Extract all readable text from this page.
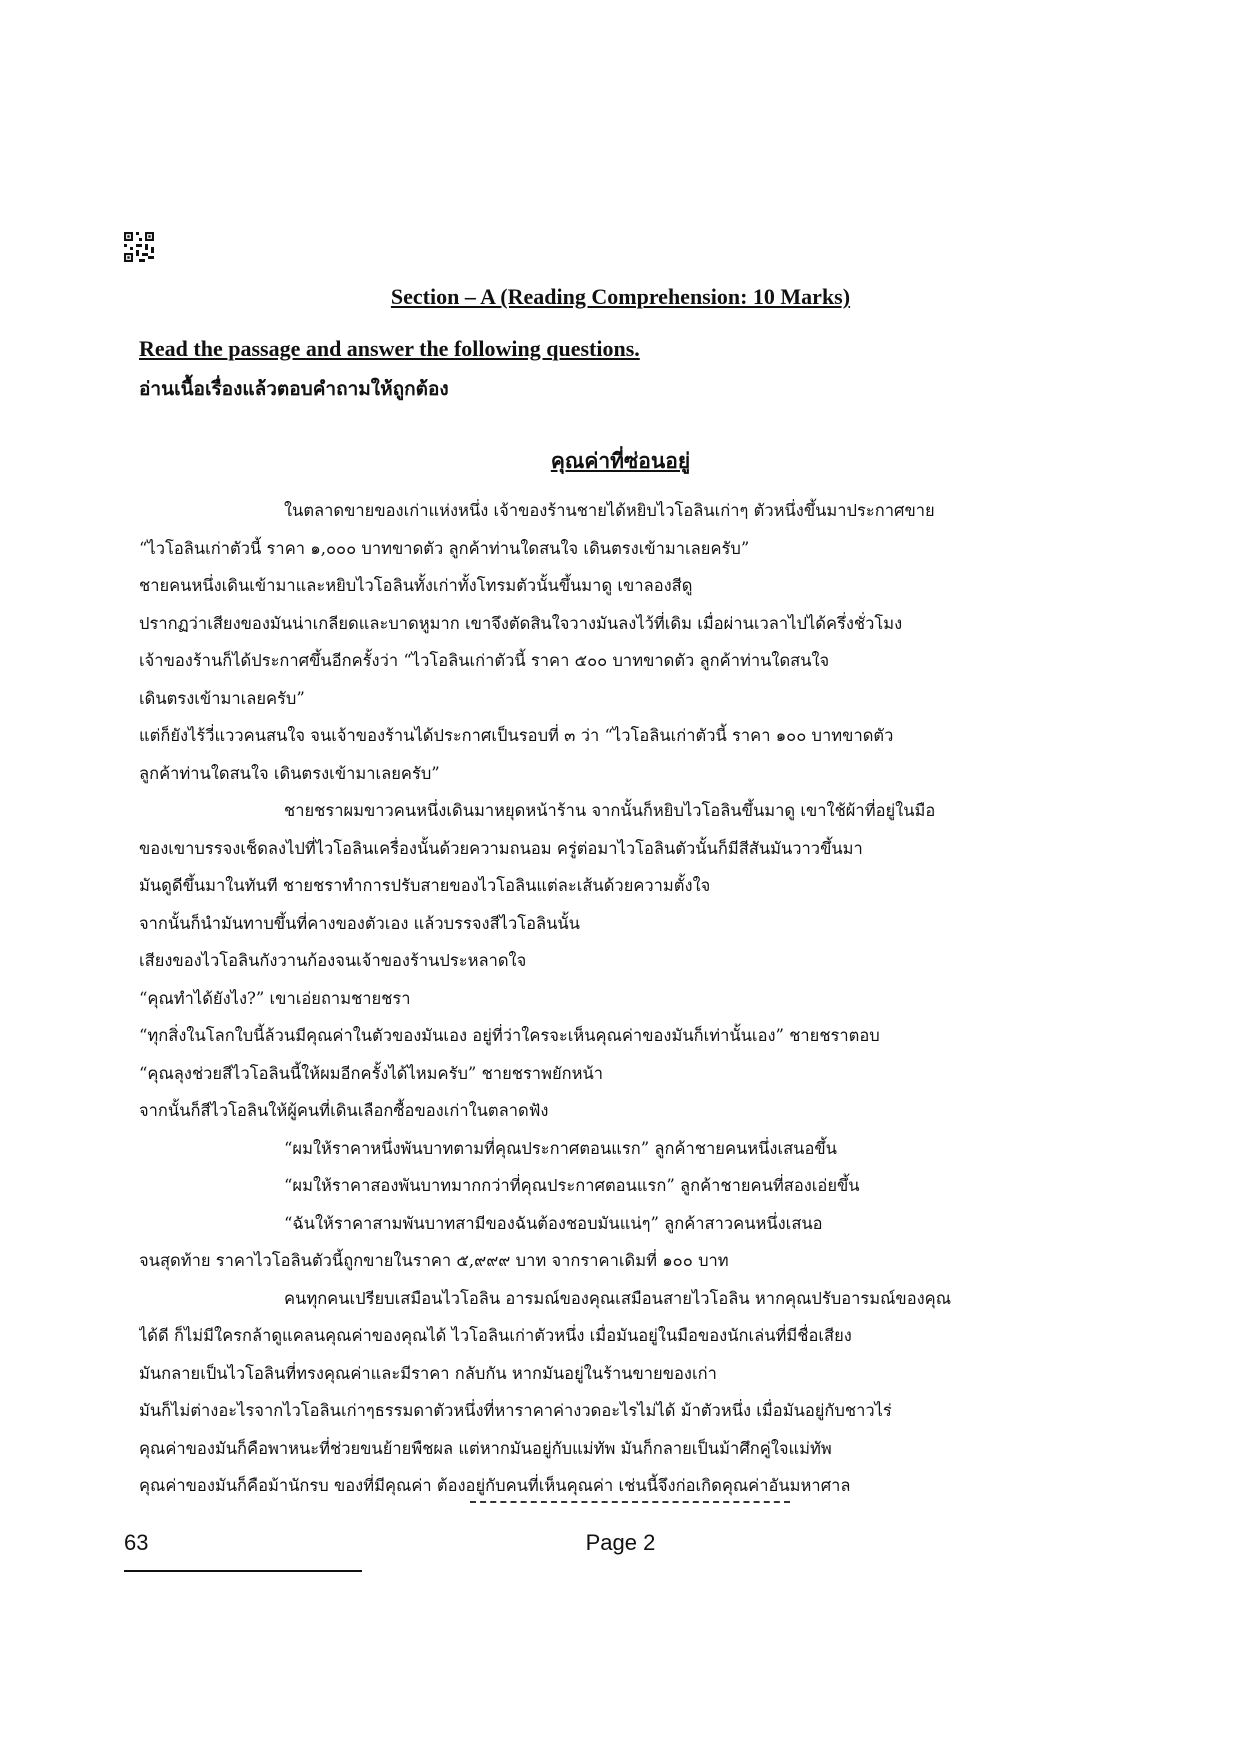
Section – A (Reading Comprehension: 10 Marks)
Read the passage and answer the following questions.
อ่านเนื้อเรื่องแล้วตอบคำถามให้ถูกต้อง
คุณค่าที่ซ่อนอยู่
ในตลาดขายของเก่าแห่งหนึ่ง เจ้าของร้านชายได้หยิบไวโอลินเก่าๆ ตัวหนึ่งขึ้นมาประกาศขาย
“ไวโอลินเก่าตัวนี้ ราคา ๑,๐๐๐ บาทขาดตัว ลูกค้าท่านใดสนใจ เดินตรงเข้ามาเลยครับ”
ชายคนหนึ่งเดินเข้ามาและหยิบไวโอลินทั้งเก่าทั้งโทรมตัวนั้นขึ้นมาดู เขาลองสีดู
ปรากฏว่าเสียงของมันน่าเกลียดและบาดหูมาก เขาจึงตัดสินใจวางมันลงไว้ที่เดิม เมื่อผ่านเวลาไปได้ครึ่งชั่วโมง
เจ้าของร้านก็ได้ประกาศขึ้นอีกครั้งว่า “ไวโอลินเก่าตัวนี้ ราคา ๕๐๐ บาทขาดตัว ลูกค้าท่านใดสนใจ
เดินตรงเข้ามาเลยครับ”
แต่ก็ยังไร้วี่แววคนสนใจ จนเจ้าของร้านได้ประกาศเป็นรอบที่ ๓ ว่า “ไวโอลินเก่าตัวนี้ ราคา ๑๐๐ บาทขาดตัว
ลูกค้าท่านใดสนใจ เดินตรงเข้ามาเลยครับ”
ชายชราผมขาวคนหนึ่งเดินมาหยุดหน้าร้าน จากนั้นก็หยิบไวโอลินขึ้นมาดู เขาใช้ผ้าที่อยู่ในมือ
ของเขาบรรจงเช็ดลงไปที่ไวโอลินเครื่องนั้นด้วยความถนอม ครู่ต่อมาไวโอลินตัวนั้นก็มีสีสันมันวาวขึ้นมา
มันดูดีขึ้นมาในทันที ชายชราทำการปรับสายของไวโอลินแต่ละเส้นด้วยความตั้งใจ
จากนั้นก็นำมันทาบขึ้นที่คางของตัวเอง แล้วบรรจงสีไวโอลินนั้น
เสียงของไวโอลินกังวานก้องจนเจ้าของร้านประหลาดใจ
“คุณทำได้ยังไง?” เขาเอ่ยถามชายชรา
“ทุกสิ่งในโลกใบนี้ล้วนมีคุณค่าในตัวของมันเอง อยู่ที่ว่าใครจะเห็นคุณค่าของมันก็เท่านั้นเอง” ชายชราตอบ
“คุณลุงช่วยสีไวโอลินนี้ให้ผมอีกครั้งได้ไหมครับ” ชายชราพยักหน้า
จากนั้นก็สีไวโอลินให้ผู้คนที่เดินเลือกซื้อของเก่าในตลาดฟัง
“ผมให้ราคาหนึ่งพันบาทตามที่คุณประกาศตอนแรก” ลูกค้าชายคนหนึ่งเสนอขึ้น
“ผมให้ราคาสองพันบาทมากกว่าที่คุณประกาศตอนแรก” ลูกค้าชายคนที่สองเอ่ยขึ้น
“ฉันให้ราคาสามพันบาทสามีของฉันต้องชอบมันแน่ๆ” ลูกค้าสาวคนหนึ่งเสนอ
จนสุดท้าย ราคาไวโอลินตัวนี้ถูกขายในราคา ๕,๙๙๙ บาท จากราคาเดิมที่ ๑๐๐ บาท
คนทุกคนเปรียบเสมือนไวโอลิน อารมณ์ของคุณเสมือนสายไวโอลิน หากคุณปรับอารมณ์ของคุณ
ได้ดี ก็ไม่มีใครกล้าดูแคลนคุณค่าของคุณได้ ไวโอลินเก่าตัวหนึ่ง เมื่อมันอยู่ในมือของนักเล่นที่มีชื่อเสียง
มันกลายเป็นไวโอลินที่ทรงคุณค่าและมีราคา กลับกัน หากมันอยู่ในร้านขายของเก่า
มันก็ไม่ต่างอะไรจากไวโอลินเก่าๆธรรมดาตัวหนึ่งที่หาราคาค่างวดอะไรไม่ได้ ม้าตัวหนึ่ง เมื่อมันอยู่กับชาวไร่
คุณค่าของมันก็คือพาหนะที่ช่วยขนย้ายพืชผล แต่หากมันอยู่กับแม่ทัพ มันก็กลายเป็นม้าศึกคู่ใจแม่ทัพ
คุณค่าของมันก็คือม้านักรบ ของที่มีคุณค่า ต้องอยู่กับคนที่เห็นคุณค่า เช่นนี้จึงก่อเกิดคุณค่าอันมหาศาล
63	Page 2
